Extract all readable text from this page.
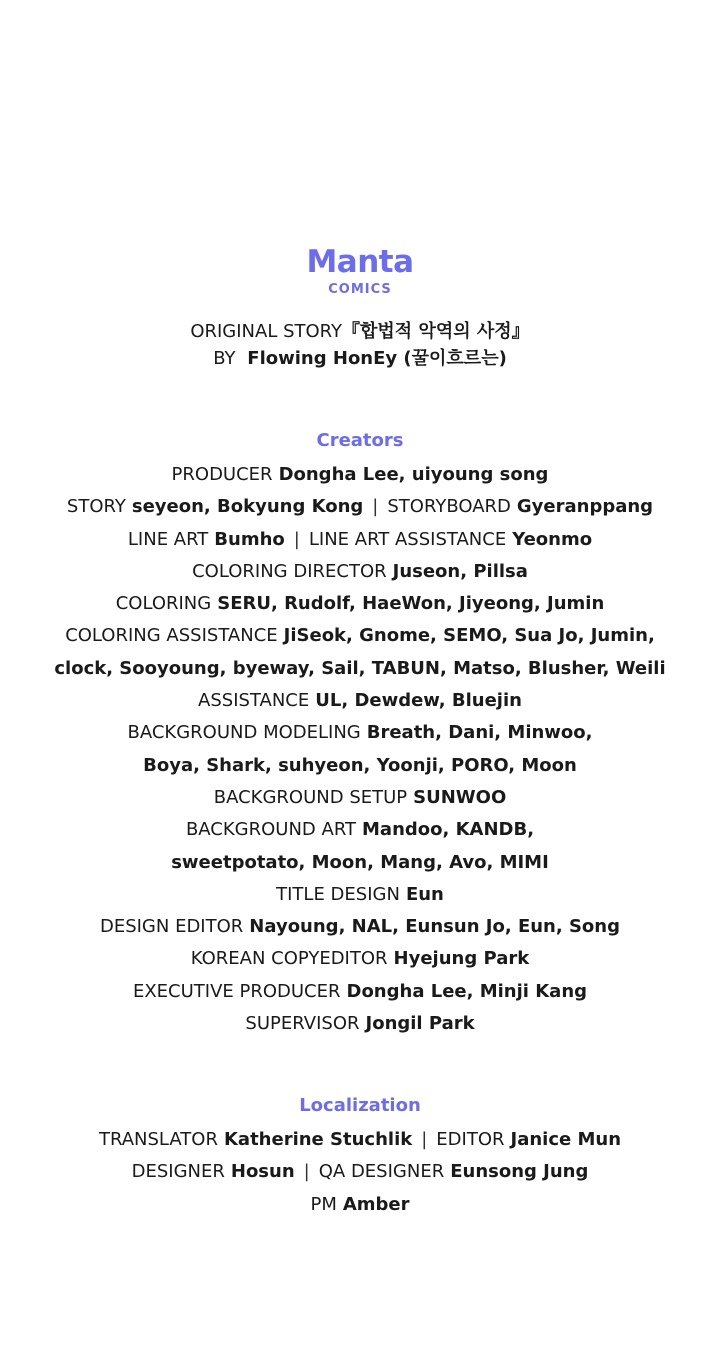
Manta
COMICS
ORIGINAL STORY『합법적 악역의 사정』
BY Flowing HonEy (꿀이흐르는)
Creators
PRODUCER Dongha Lee, uiyoung song
STORY seyeon, Bokyung Kong | STORYBOARD Gyeranppang
LINE ART Bumho | LINE ART ASSISTANCE Yeonmo
COLORING DIRECTOR Juseon, Pillsa
COLORING SERU, Rudolf, HaeWon, Jiyeong, Jumin
COLORING ASSISTANCE JiSeok, Gnome, SEMO, Sua Jo, Jumin,
clock, Sooyoung, byeway, Sail, TABUN, Matso, Blusher, Weili
ASSISTANCE UL, Dewdew, Bluejin
BACKGROUND MODELING Breath, Dani, Minwoo,
Boya, Shark, suhyeon, Yoonji, PORO, Moon
BACKGROUND SETUP SUNWOO
BACKGROUND ART Mandoo, KANDB,
sweetpotato, Moon, Mang, Avo, MIMI
TITLE DESIGN Eun
DESIGN EDITOR Nayoung, NAL, Eunsun Jo, Eun, Song
KOREAN COPYEDITOR Hyejung Park
EXECUTIVE PRODUCER Dongha Lee, Minji Kang
SUPERVISOR Jongil Park
Localization
TRANSLATOR Katherine Stuchlik | EDITOR Janice Mun
DESIGNER Hosun | QA DESIGNER Eunsong Jung
PM Amber
